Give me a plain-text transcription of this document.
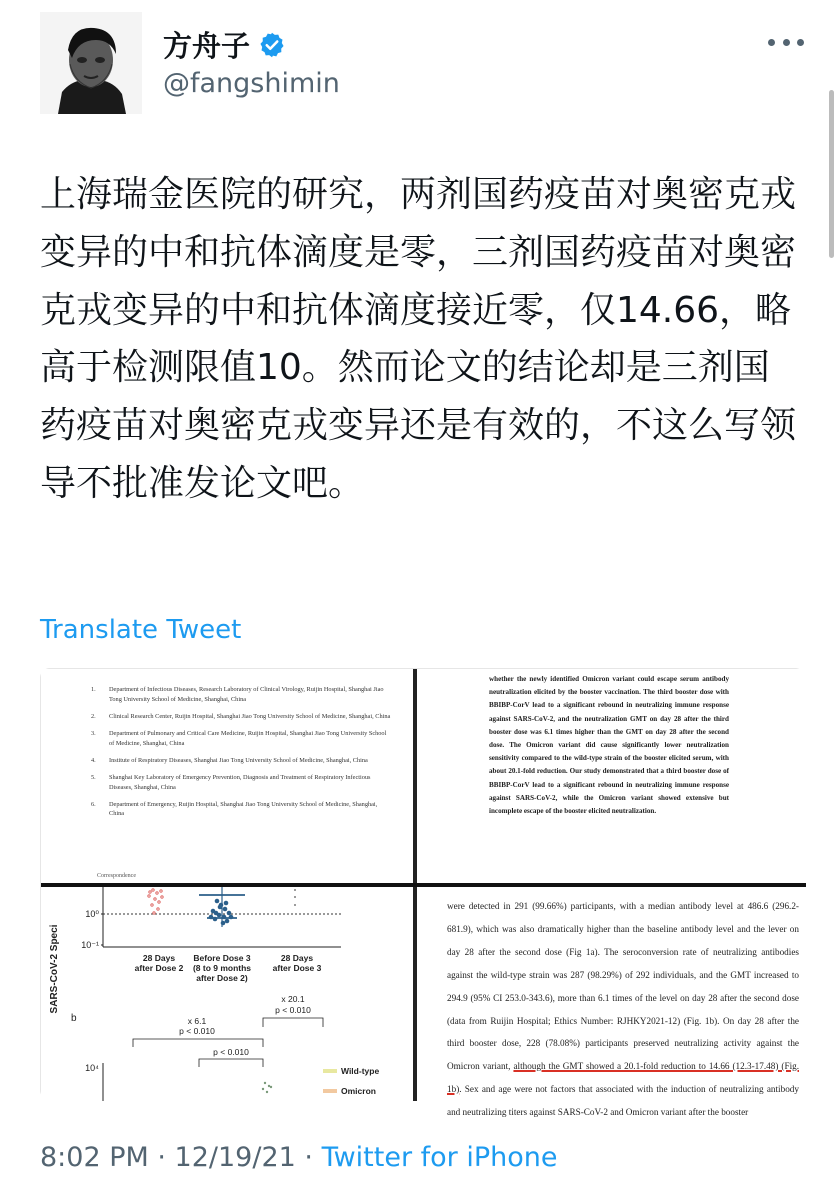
方舟子
@fangshimin
上海瑞金医院的研究，两剂国药疫苗对奥密克戎变异的中和抗体滴度是零，三剂国药疫苗对奥密克戎变异的中和抗体滴度接近零，仅14.66，略高于检测限值10。然而论文的结论却是三剂国药疫苗对奥密克戎变异还是有效的，不这么写领导不批准发论文吧。
Translate Tweet
1.	Department of Infectious Diseases, Research Laboratory of Clinical Virology, Ruijin Hospital, Shanghai Jiao Tong University School of Medicine, Shanghai, China
2.	Clinical Research Center, Ruijin Hospital, Shanghai Jiao Tong University School of Medicine, Shanghai, China
3.	Department of Pulmonary and Critical Care Medicine, Ruijin Hospital, Shanghai Jiao Tong University School of Medicine, Shanghai, China
4.	Institute of Respiratory Diseases, Shanghai Jiao Tong University School of Medicine, Shanghai, China
5.	Shanghai Key Laboratory of Emergency Prevention, Diagnosis and Treatment of Respiratory Infectious Diseases, Shanghai, China
6.	Department of Emergency, Ruijin Hospital, Shanghai Jiao Tong University School of Medicine, Shanghai, China
Correspondence

whether the newly identified Omicron variant could escape serum antibody neutralization elicited by the booster vaccination. The third booster dose with BBIBP-CorV lead to a significant rebound in neutralizing immune response against SARS-CoV-2, and the neutralization GMT on day 28 after the third booster dose was 6.1 times higher than the GMT on day 28 after the second dose. The Omicron variant did cause significantly lower neutralization sensitivity compared to the wild-type strain of the booster elicited serum, with about 20.1-fold reduction. Our study demonstrated that a third booster dose of BBIBP-CorV lead to a significant rebound in neutralizing immune response against SARS-CoV-2, while the Omicron variant showed extensive but incomplete escape of the booster elicited neutralization.

SARS-CoV-2 Speci
10⁰
10⁻¹
28 Days after Dose 2
Before Dose 3 (8 to 9 months after Dose 2)
28 Days after Dose 3
b	x 6.1
p < 0.010
x 20.1
p < 0.010
p < 0.010
10⁴	Wild-type
Omicron

were detected in 291 (99.66%) participants, with a median antibody level at 486.6 (296.2-681.9), which was also dramatically higher than the baseline antibody level and the lever on day 28 after the second dose (Fig 1a). The seroconversion rate of neutralizing antibodies against the wild-type strain was 287 (98.29%) of 292 individuals, and the GMT increased to 294.9 (95% CI 253.0-343.6), more than 6.1 times of the level on day 28 after the second dose (data from Ruijin Hospital; Ethics Number: RJHKY2021-12) (Fig. 1b). On day 28 after the third booster dose, 228 (78.08%) participants preserved neutralizing activity against the Omicron variant, although the GMT showed a 20.1-fold reduction to 14.66 (12.3-17.48) (Fig. 1b). Sex and age were not factors that associated with the induction of neutralizing antibody and neutralizing titers against SARS-CoV-2 and Omicron variant after the booster

8:02 PM · 12/19/21 · Twitter for iPhone
